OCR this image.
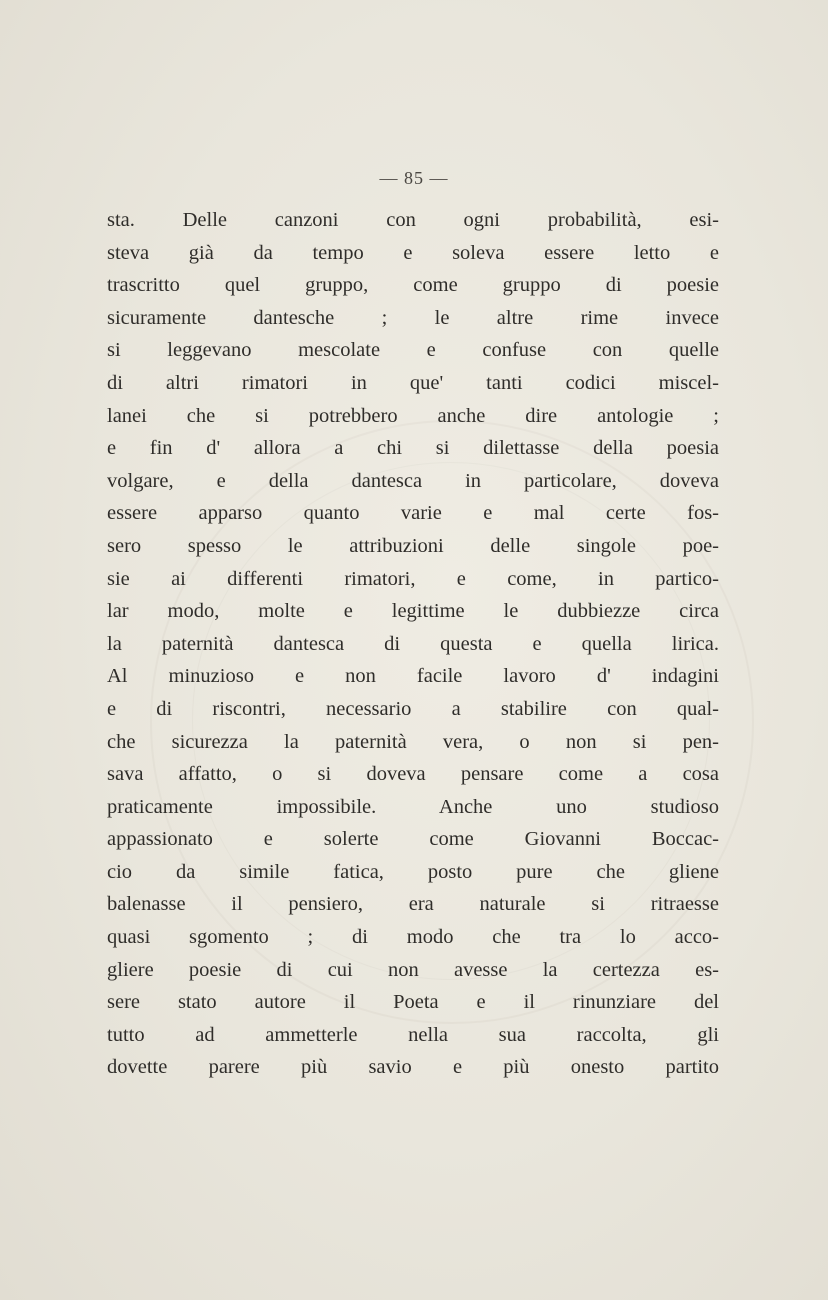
— 85 —
sta. Delle canzoni con ogni probabilità, esi-
steva già da tempo e soleva essere letto e
trascritto quel gruppo, come gruppo di poesie
sicuramente dantesche ; le altre rime invece
si leggevano mescolate e confuse con quelle
di altri rimatori in que' tanti codici miscel-
lanei che si potrebbero anche dire antologie ;
e fin d' allora a chi si dilettasse della poesia
volgare, e della dantesca in particolare, doveva
essere apparso quanto varie e mal certe fos-
sero spesso le attribuzioni delle singole poe-
sie ai differenti rimatori, e come, in partico-
lar modo, molte e legittime le dubbiezze circa
la paternità dantesca di questa e quella lirica.
Al minuzioso e non facile lavoro d' indagini
e di riscontri, necessario a stabilire con qual-
che sicurezza la paternità vera, o non si pen-
sava affatto, o si doveva pensare come a cosa
praticamente impossibile. Anche uno studioso
appassionato e solerte come Giovanni Boccac-
cio da simile fatica, posto pure che gliene
balenasse il pensiero, era naturale si ritraesse
quasi sgomento ; di modo che tra lo acco-
gliere poesie di cui non avesse la certezza es-
sere stato autore il Poeta e il rinunziare del
tutto ad ammetterle nella sua raccolta, gli
dovette parere più savio e più onesto partito
